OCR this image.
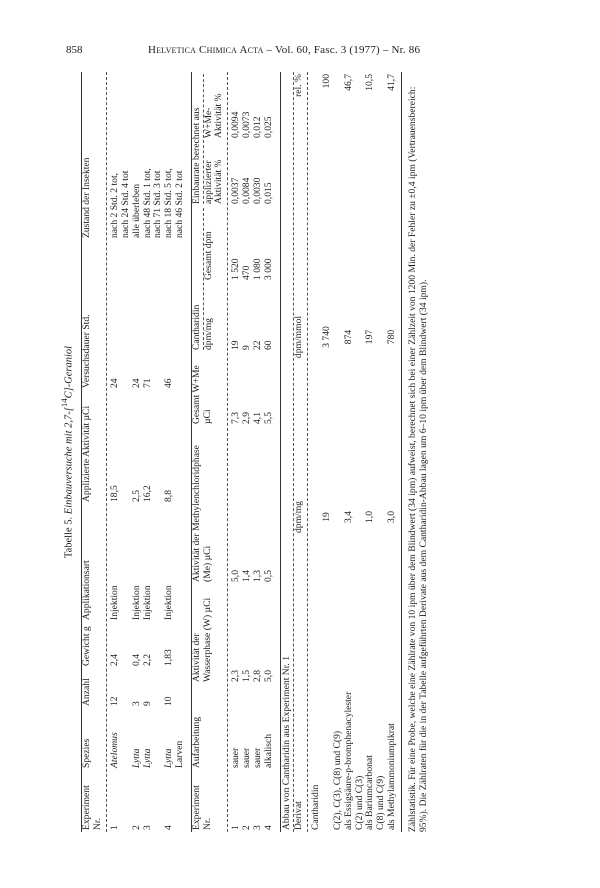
858	Helvetica Chimica Acta – Vol. 60, Fasc. 3 (1977) – Nr. 86
Tabelle 5. Einbauversuche mit 2,7-[$^{14}$C]-Geraniol
Experiment Nr.	Spezies	Anzahl	Gewicht g	Applikationsart	Applizierte Aktivität µCi	Versuchsdauer Std.	Zustand der Insekten

1	Atelomus	12	2,4	Injektion	18,5	24	nach 2 Std. 2 tot,
							nach 24 Std. 4 tot
2	Lytta	3	0,4	Injektion	2,5	24	alle überleben
3	Lytta	9	2,2	Injektion	16,2	71	nach 48 Std. 1 tot,
							nach 71 Std. 3 tot
4	Lytta	10	1,83	Injektion	8,8	46	nach 18 Std. 5 tot,
	Larven						nach 46 Std. 2 tot
Experiment Nr.	Aufarbeitung	Aktivität der Wasserphase (W) µCi	Aktivität der Methylenchloridphase (Me) µCi	Gesamt W+Me µCi	Cantharidin		Einbaurate berechnet aus	

					dpm/mg	Gesamt dpm	applizierter Aktivität %	W+Me-Aktivität %

1	sauer	2,3	5,0	7,3	19	1 520	0,0037	0,0094
2	sauer	1,5	1,4	2,9	9	470	0,0084	0,0073
3	sauer	2,8	1,3	4,1	22	1 080	0,0030	0,012
4	alkalisch	5,0	0,5	5,5	60	3 000	0,015	0,025
Abbau von Cantharidin aus Experiment Nr. 1 Derivat	dpm/mg	dpm/mmol	rel. %

Cantharidin			
	19	3 740	100
C(2), C(3), C(8) und C(9)			
als Essigsäure-p-bromphenacylester	3,4	874	46,7
C(2) und C(3)			
als Bariumcarbonat	1,0	197	10,5
C(8) und C(9)			
als Methylammoniumpikrat	3,0	780	41,7
Zählstatistik. Für eine Probe, welche eine Zählrate von 10 ipm über dem Blindwert (34 ipm) aufweist, berechnet sich bei einer Zählzeit von 1200 Min. der Fehler zu ±0,4 ipm (Vertrauensbereich: 95%). Die Zählraten für die in der Tabelle aufgeführten Derivate aus dem Cantharidin-Abbau lagen um 6–10 ipm über dem Blindwert (34 ipm).
